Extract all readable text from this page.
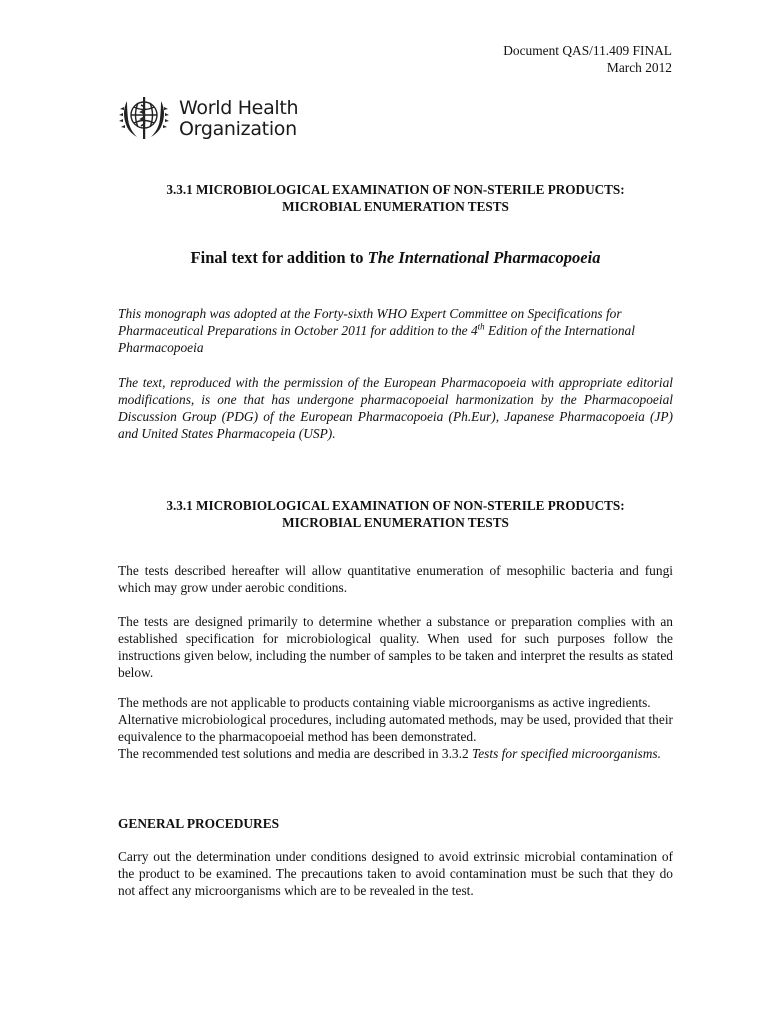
Document QAS/11.409 FINAL
March 2012
World Health
Organization
3.3.1 MICROBIOLOGICAL EXAMINATION OF NON-STERILE PRODUCTS:
MICROBIAL ENUMERATION TESTS
Final text for addition to The International Pharmacopoeia
This monograph was adopted at the Forty-sixth WHO Expert Committee on Specifications for Pharmaceutical Preparations in October 2011 for addition to the 4th Edition of the International Pharmacopoeia
The text, reproduced with the permission of the European Pharmacopoeia with appropriate editorial modifications, is one that has undergone pharmacopoeial harmonization by the Pharmacopoeial Discussion Group (PDG) of the European Pharmacopoeia (Ph.Eur), Japanese Pharmacopoeia (JP) and United States Pharmacopeia (USP).
3.3.1 MICROBIOLOGICAL EXAMINATION OF NON-STERILE PRODUCTS:
MICROBIAL ENUMERATION TESTS
The tests described hereafter will allow quantitative enumeration of mesophilic bacteria and fungi which may grow under aerobic conditions.
The tests are designed primarily to determine whether a substance or preparation complies with an established specification for microbiological quality. When used for such purposes follow the instructions given below, including the number of samples to be taken and interpret the results as stated below.
The methods are not applicable to products containing viable microorganisms as active ingredients.
Alternative microbiological procedures, including automated methods, may be used, provided that their equivalence to the pharmacopoeial method has been demonstrated.
The recommended test solutions and media are described in 3.3.2 Tests for specified microorganisms.
GENERAL PROCEDURES
Carry out the determination under conditions designed to avoid extrinsic microbial contamination of the product to be examined. The precautions taken to avoid contamination must be such that they do not affect any microorganisms which are to be revealed in the test.
